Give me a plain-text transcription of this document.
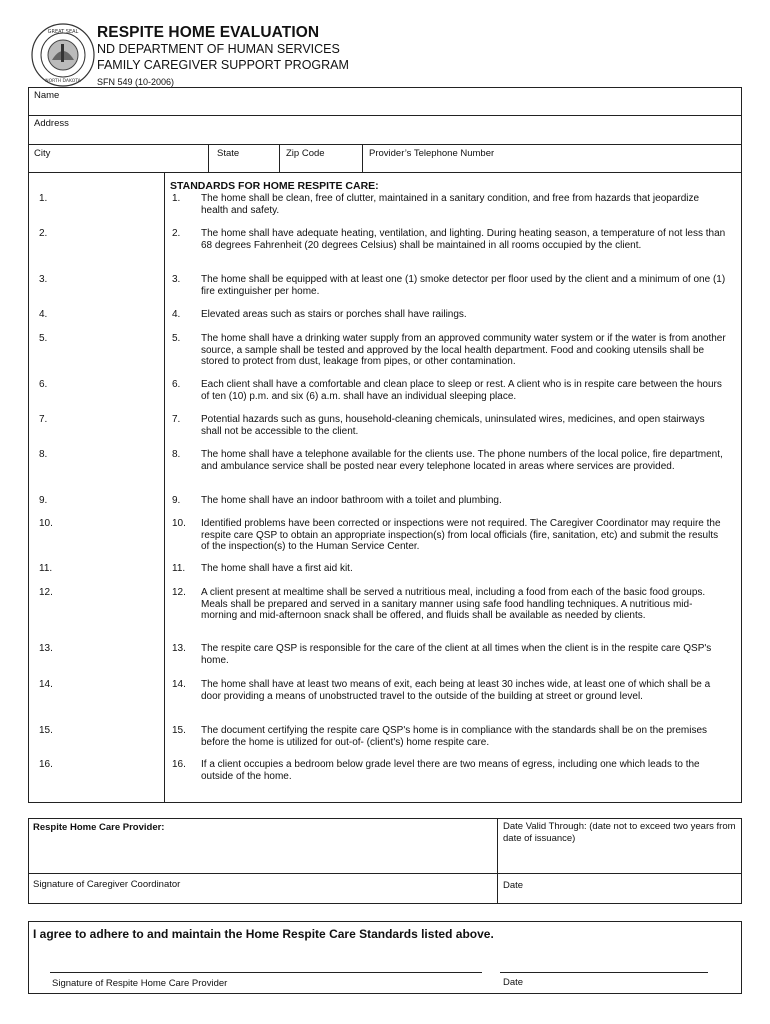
GREAT SEAL
NORTH DAKOTA
RESPITE HOME EVALUATION
ND DEPARTMENT OF HUMAN SERVICES
FAMILY CAREGIVER SUPPORT PROGRAM
SFN 549 (10-2006)
Name
Address
City	State	Zip Code	Provider’s Telephone Number
STANDARDS FOR HOME RESPITE CARE:
1.	1.	The home shall be clean, free of clutter, maintained in a sanitary condition, and free from hazards that jeopardize health and safety.
2.	2.	The home shall have adequate heating, ventilation, and lighting. During heating season, a temperature of not less than 68 degrees Fahrenheit (20 degrees Celsius) shall be maintained in all rooms occupied by the client.
3.	3.	The home shall be equipped with at least one (1) smoke detector per floor used by the client and a minimum of one (1) fire extinguisher per home.
4.	4.	Elevated areas such as stairs or porches shall have railings.
5.	5.	The home shall have a drinking water supply from an approved community water system or if the water is from another source, a sample shall be tested and approved by the local health department. Food and cooking utensils shall be stored to protect from dust, leakage from pipes, or other contamination.
6.	6.	Each client shall have a comfortable and clean place to sleep or rest. A client who is in respite care between the hours of ten (10) p.m. and six (6) a.m. shall have an individual sleeping place.
7.	7.	Potential hazards such as guns, household-cleaning chemicals, uninsulated wires, medicines, and open stairways shall not be accessible to the client.
8.	8.	The home shall have a telephone available for the clients use. The phone numbers of the local police, fire department, and ambulance service shall be posted near every telephone located in areas where services are provided.
9.	9.	The home shall have an indoor bathroom with a toilet and plumbing.
10.	10.	Identified problems have been corrected or inspections were not required. The Caregiver Coordinator may require the respite care QSP to obtain an appropriate inspection(s) from local officials (fire, sanitation, etc) and submit the results of the inspection(s) to the Human Service Center.
11.	11.	The home shall have a first aid kit.
12.	12.	A client present at mealtime shall be served a nutritious meal, including a food from each of the basic food groups. Meals shall be prepared and served in a sanitary manner using safe food handling techniques. A nutritious mid-morning and mid-afternoon snack shall be offered, and fluids shall be available as needed by clients.
13.	13.	The respite care QSP is responsible for the care of the client at all times when the client is in the respite care QSP's home.
14.	14.	The home shall have at least two means of exit, each being at least 30 inches wide, at least one of which shall be a door providing a means of unobstructed travel to the outside of the building at street or ground level.
15.	15.	The document certifying the respite care QSP's home is in compliance with the standards shall be on the premises before the home is utilized for out-of- (client's) home respite care.
16.	16.	If a client occupies a bedroom below grade level there are two means of egress, including one which leads to the outside of the home.
Respite Home Care Provider:	Date Valid Through: (date not to exceed two years from date of issuance)
Signature of Caregiver Coordinator	Date
I agree to adhere to and maintain the Home Respite Care Standards listed above.
Signature of Respite Home Care Provider	Date
